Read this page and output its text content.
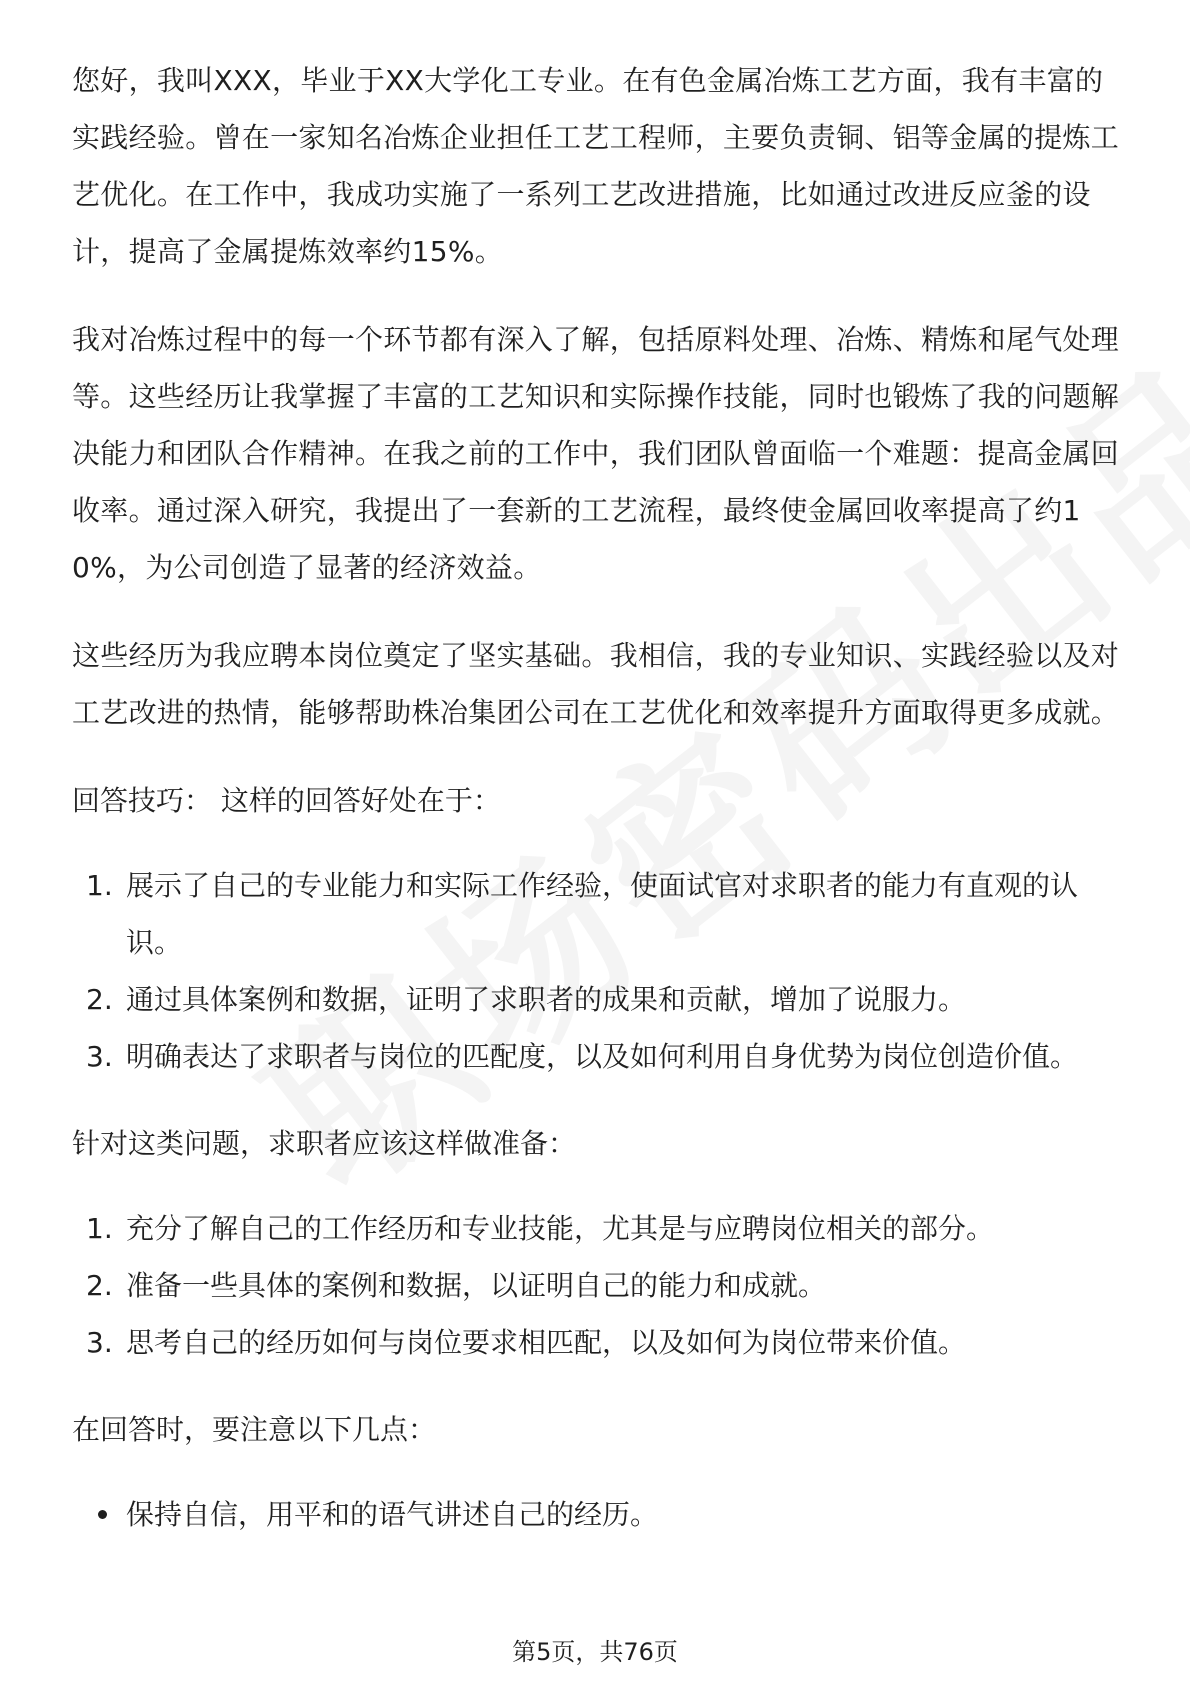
您好，我叫XXX，毕业于XX大学化工专业。在有色金属冶炼工艺方面，我有丰富的实践经验。曾在一家知名冶炼企业担任工艺工程师，主要负责铜、铝等金属的提炼工艺优化。在工作中，我成功实施了一系列工艺改进措施，比如通过改进反应釜的设计，提高了金属提炼效率约15%。

我对冶炼过程中的每一个环节都有深入了解，包括原料处理、冶炼、精炼和尾气处理等。这些经历让我掌握了丰富的工艺知识和实际操作技能，同时也锻炼了我的问题解决能力和团队合作精神。在我之前的工作中，我们团队曾面临一个难题：提高金属回收率。通过深入研究，我提出了一套新的工艺流程，最终使金属回收率提高了约10%，为公司创造了显著的经济效益。

这些经历为我应聘本岗位奠定了坚实基础。我相信，我的专业知识、实践经验以及对工艺改进的热情，能够帮助株冶集团公司在工艺优化和效率提升方面取得更多成就。

回答技巧： 这样的回答好处在于：

1. 展示了自己的专业能力和实际工作经验，使面试官对求职者的能力有直观的认识。
2. 通过具体案例和数据，证明了求职者的成果和贡献，增加了说服力。
3. 明确表达了求职者与岗位的匹配度，以及如何利用自身优势为岗位创造价值。

针对这类问题，求职者应该这样做准备：

1. 充分了解自己的工作经历和专业技能，尤其是与应聘岗位相关的部分。
2. 准备一些具体的案例和数据，以证明自己的能力和成就。
3. 思考自己的经历如何与岗位要求相匹配，以及如何为岗位带来价值。

在回答时，要注意以下几点：

保持自信，用平和的语气讲述自己的经历。
第5页，共76页
